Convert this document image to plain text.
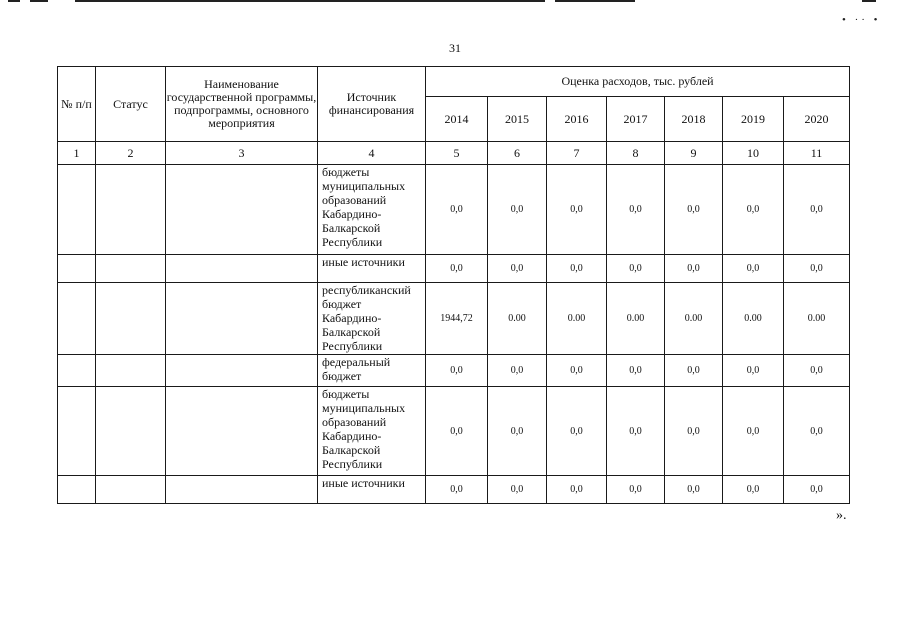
• ·· •
31
№ п/п	Статус	Наименование государственной программы, подпрограммы, основного мероприятия	Источник финансирования	Оценка расходов, тыс. рублей						
				2014	2015	2016	2017	2018	2019	2020
1	2	3	4	5	6	7	8	9	10	11
			бюджеты муниципальных образований Кабардино-Балкарской Республики	0,0	0,0	0,0	0,0	0,0	0,0	0,0
			иные источники	0,0	0,0	0,0	0,0	0,0	0,0	0,0
			республиканский бюджет Кабардино-Балкарской Республики	1944,72	0.00	0.00	0.00	0.00	0.00	0.00
			федеральный бюджет	0,0	0,0	0,0	0,0	0,0	0,0	0,0
			бюджеты муниципальных образований Кабардино-Балкарской Республики	0,0	0,0	0,0	0,0	0,0	0,0	0,0
			иные источники	0,0	0,0	0,0	0,0	0,0	0,0	0,0
».
